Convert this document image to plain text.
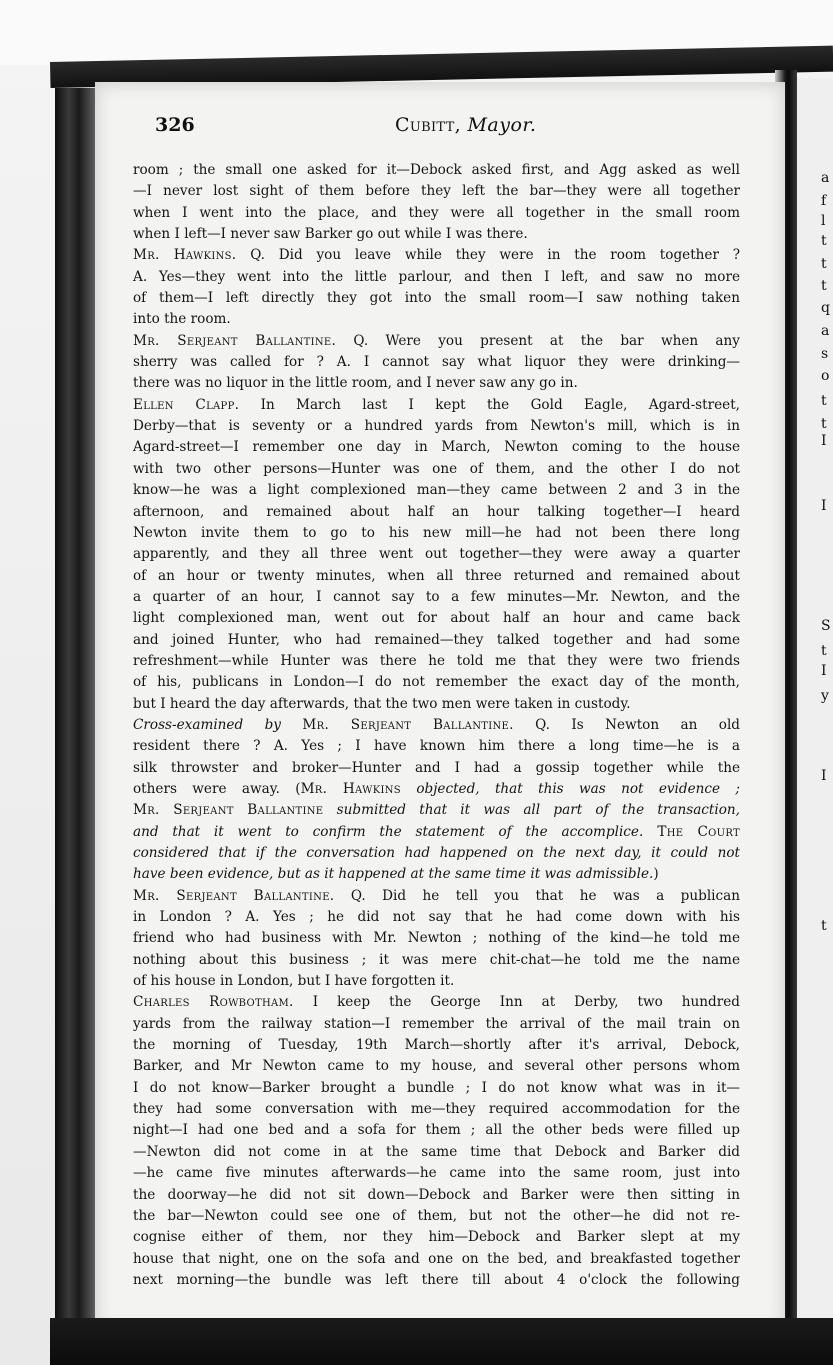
a
f
l
t
t
t
q
a
s
o
t
t
I
I
S
t
I
y
I
t
326	Cubitt, Mayor.
room ; the small one asked for it—Debock asked first, and Agg asked as well
—I never lost sight of them before they left the bar—they were all together
when I went into the place, and they were all together in the small room
when I left—I never saw Barker go out while I was there.
Mr. Hawkins. Q. Did you leave while they were in the room together ?
A. Yes—they went into the little parlour, and then I left, and saw no more
of them—I left directly they got into the small room—I saw nothing taken
into the room.
Mr. Serjeant Ballantine. Q. Were you present at the bar when any
sherry was called for ? A. I cannot say what liquor they were drinking—
there was no liquor in the little room, and I never saw any go in.
Ellen Clapp. In March last I kept the Gold Eagle, Agard-street,
Derby—that is seventy or a hundred yards from Newton's mill, which is in
Agard-street—I remember one day in March, Newton coming to the house
with two other persons—Hunter was one of them, and the other I do not
know—he was a light complexioned man—they came between 2 and 3 in the
afternoon, and remained about half an hour talking together—I heard
Newton invite them to go to his new mill—he had not been there long
apparently, and they all three went out together—they were away a quarter
of an hour or twenty minutes, when all three returned and remained about
a quarter of an hour, I cannot say to a few minutes—Mr. Newton, and the
light complexioned man, went out for about half an hour and came back
and joined Hunter, who had remained—they talked together and had some
refreshment—while Hunter was there he told me that they were two friends
of his, publicans in London—I do not remember the exact day of the month,
but I heard the day afterwards, that the two men were taken in custody.
Cross-examined by Mr. Serjeant Ballantine. Q. Is Newton an old
resident there ? A. Yes ; I have known him there a long time—he is a
silk throwster and broker—Hunter and I had a gossip together while the
others were away. (Mr. Hawkins objected, that this was not evidence ;
Mr. Serjeant Ballantine submitted that it was all part of the transaction,
and that it went to confirm the statement of the accomplice. The Court
considered that if the conversation had happened on the next day, it could not
have been evidence, but as it happened at the same time it was admissible.)
Mr. Serjeant Ballantine. Q. Did he tell you that he was a publican
in London ? A. Yes ; he did not say that he had come down with his
friend who had business with Mr. Newton ; nothing of the kind—he told me
nothing about this business ; it was mere chit-chat—he told me the name
of his house in London, but I have forgotten it.
Charles Rowbotham. I keep the George Inn at Derby, two hundred
yards from the railway station—I remember the arrival of the mail train on
the morning of Tuesday, 19th March—shortly after it's arrival, Debock,
Barker, and Mr Newton came to my house, and several other persons whom
I do not know—Barker brought a bundle ; I do not know what was in it—
they had some conversation with me—they required accommodation for the
night—I had one bed and a sofa for them ; all the other beds were filled up
—Newton did not come in at the same time that Debock and Barker did
—he came five minutes afterwards—he came into the same room, just into
the doorway—he did not sit down—Debock and Barker were then sitting in
the bar—Newton could see one of them, but not the other—he did not re-
cognise either of them, nor they him—Debock and Barker slept at my
house that night, one on the sofa and one on the bed, and breakfasted together
next morning—the bundle was left there till about 4 o'clock the following
